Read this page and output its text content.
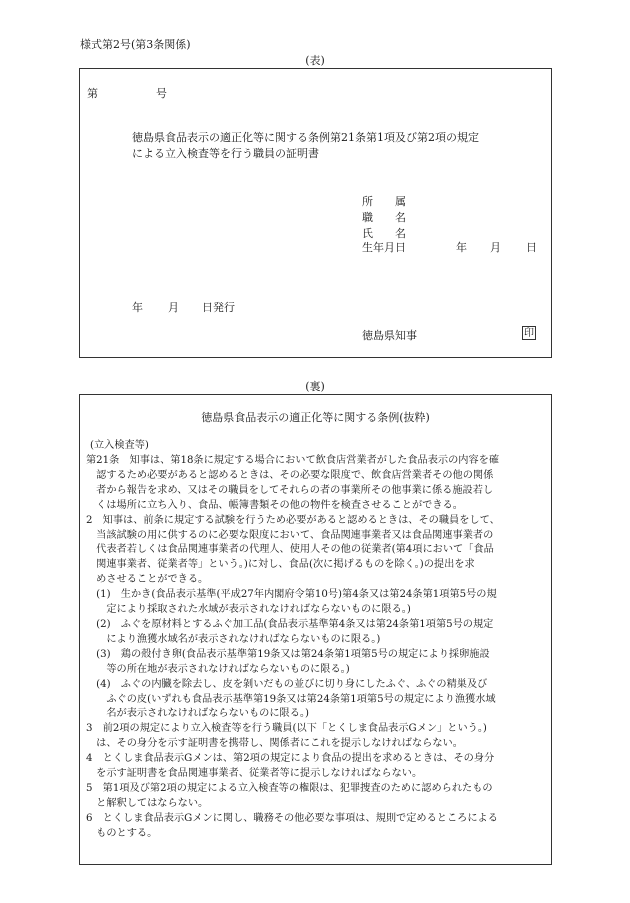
様式第2号(第3条関係)
(表)
第	号
徳島県食品表示の適正化等に関する条例第21条第1項及び第2項の規定
による立入検査等を行う職員の証明書
所　　属
職　　名
氏　　名
生年月日	年 月 日
年 月 日発行
徳島県知事	印
(裏)
徳島県食品表示の適正化等に関する条例(抜粋)
(立入検査等)
第21条　知事は、第18条に規定する場合において飲食店営業者がした食品表示の内容を確
　認するため必要があると認めるときは、その必要な限度で、飲食店営業者その他の関係
　者から報告を求め、又はその職員をしてそれらの者の事業所その他事業に係る施設若し
　くは場所に立ち入り、食品、帳簿書類その他の物件を検査させることができる。
2　知事は、前条に規定する試験を行うため必要があると認めるときは、その職員をして、
　当該試験の用に供するのに必要な限度において、食品関連事業者又は食品関連事業者の
　代表者若しくは食品関連事業者の代理人、使用人その他の従業者(第4項において「食品
　関連事業者、従業者等」という。)に対し、食品(次に掲げるものを除く。)の提出を求
　めさせることができる。
　(1)　生かき(食品表示基準(平成27年内閣府令第10号)第4条又は第24条第1項第5号の規
　　定により採取された水域が表示されなければならないものに限る。)
　(2)　ふぐを原材料とするふぐ加工品(食品表示基準第4条又は第24条第1項第5号の規定
　　により漁獲水域名が表示されなければならないものに限る。)
　(3)　鶏の殻付き卵(食品表示基準第19条又は第24条第1項第5号の規定により採卵施設
　　等の所在地が表示されなければならないものに限る。)
　(4)　ふぐの内臓を除去し、皮を剝いだもの並びに切り身にしたふぐ、ふぐの精巣及び
　　ふぐの皮(いずれも食品表示基準第19条又は第24条第1項第5号の規定により漁獲水域
　　名が表示されなければならないものに限る。)
3　前2項の規定により立入検査等を行う職員(以下「とくしま食品表示Gメン」という。)
　は、その身分を示す証明書を携帯し、関係者にこれを提示しなければならない。
4　とくしま食品表示Gメンは、第2項の規定により食品の提出を求めるときは、その身分
　を示す証明書を食品関連事業者、従業者等に提示しなければならない。
5　第1項及び第2項の規定による立入検査等の権限は、犯罪捜査のために認められたもの
　と解釈してはならない。
6　とくしま食品表示Gメンに関し、職務その他必要な事項は、規則で定めるところによる
　ものとする。
